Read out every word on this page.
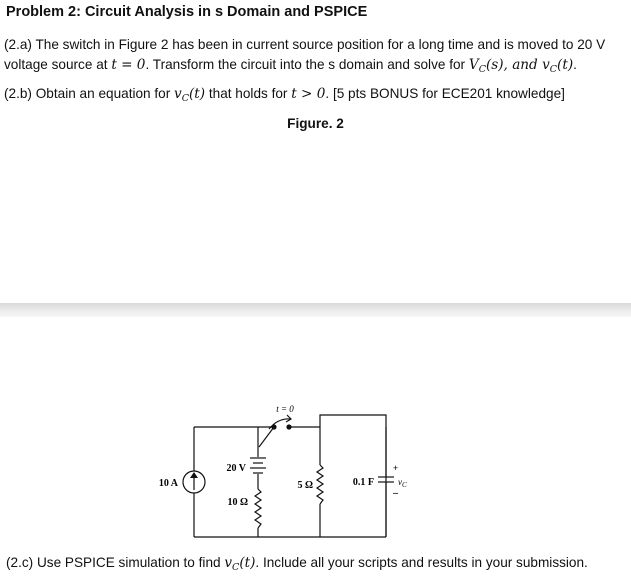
Problem 2: Circuit Analysis in s Domain and PSPICE
(2.a) The switch in Figure 2 has been in current source position for a long time and is moved to 20 V
voltage source at t = 0. Transform the circuit into the s domain and solve for $V_C(s)$, and $v_C(t)$.
(2.b) Obtain an equation for $v_C(t)$ that holds for t > 0. [5 pts BONUS for ECE201 knowledge]
Figure. 2
t = 0
10 A
20 V
10 Ω
5 Ω	0.1 F
+
–
$v_C$
(2.c) Use PSPICE simulation to find $v_C(t)$. Include all your scripts and results in your submission.
